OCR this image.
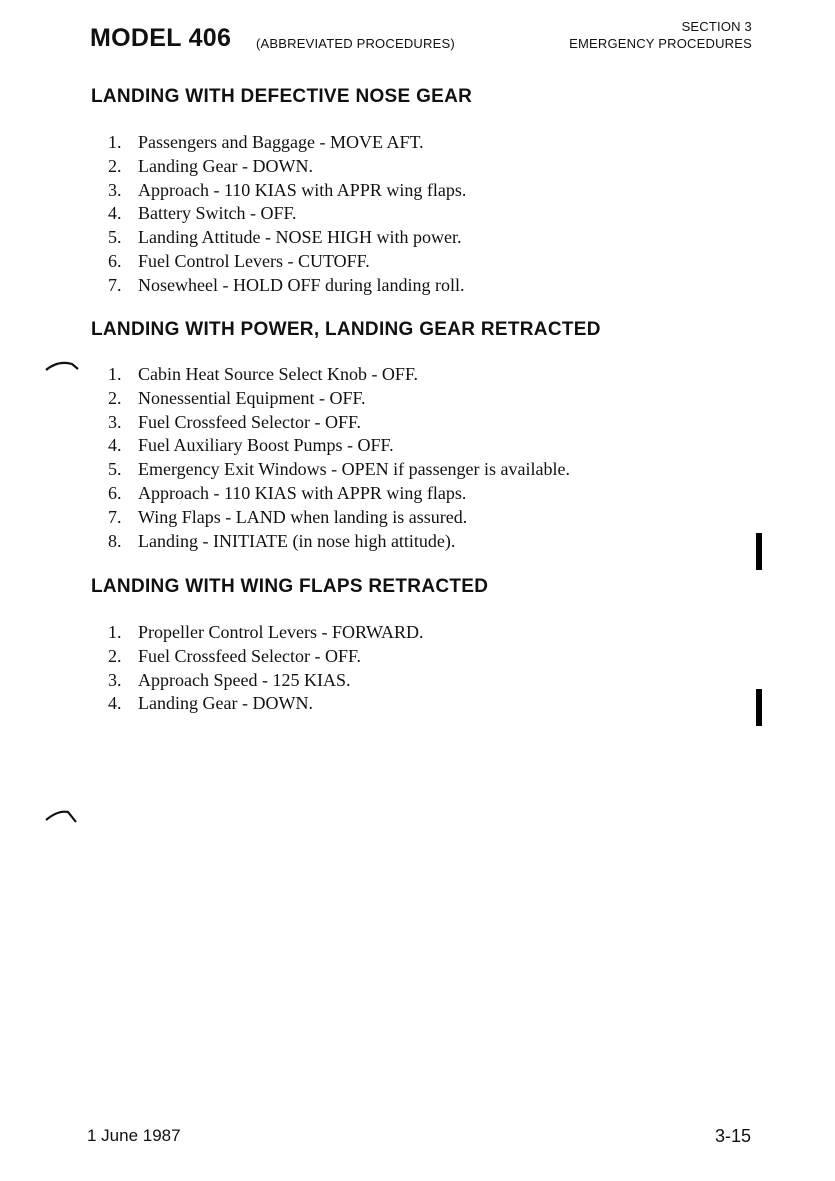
MODEL 406 (ABBREVIATED PROCEDURES)
SECTION 3
EMERGENCY PROCEDURES
LANDING WITH DEFECTIVE NOSE GEAR
1. Passengers and Baggage - MOVE AFT.
2. Landing Gear - DOWN.
3. Approach - 110 KIAS with APPR wing flaps.
4. Battery Switch - OFF.
5. Landing Attitude - NOSE HIGH with power.
6. Fuel Control Levers - CUTOFF.
7. Nosewheel - HOLD OFF during landing roll.
LANDING WITH POWER, LANDING GEAR RETRACTED
1. Cabin Heat Source Select Knob - OFF.
2. Nonessential Equipment - OFF.
3. Fuel Crossfeed Selector - OFF.
4. Fuel Auxiliary Boost Pumps - OFF.
5. Emergency Exit Windows - OPEN if passenger is available.
6. Approach - 110 KIAS with APPR wing flaps.
7. Wing Flaps - LAND when landing is assured.
8. Landing - INITIATE (in nose high attitude).
LANDING WITH WING FLAPS RETRACTED
1. Propeller Control Levers - FORWARD.
2. Fuel Crossfeed Selector - OFF.
3. Approach Speed - 125 KIAS.
4. Landing Gear - DOWN.
1 June 1987	3-15
